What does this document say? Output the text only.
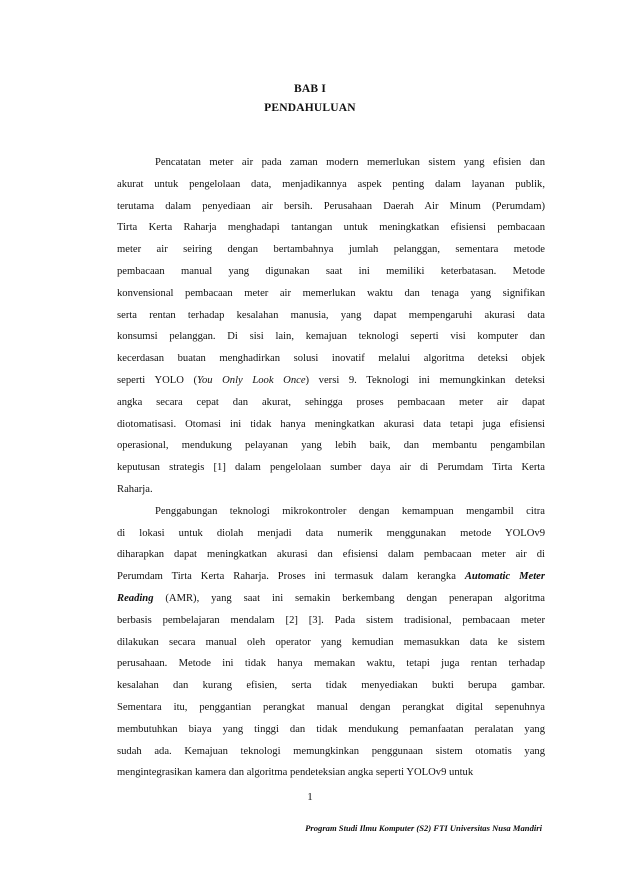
BAB I
PENDAHULUAN
Pencatatan meter air pada zaman modern memerlukan sistem yang efisien dan
akurat untuk pengelolaan data, menjadikannya aspek penting dalam layanan publik,
terutama dalam penyediaan air bersih. Perusahaan Daerah Air Minum (Perumdam)
Tirta Kerta Raharja menghadapi tantangan untuk meningkatkan efisiensi pembacaan
meter air seiring dengan bertambahnya jumlah pelanggan, sementara metode
pembacaan manual yang digunakan saat ini memiliki keterbatasan. Metode
konvensional pembacaan meter air memerlukan waktu dan tenaga yang signifikan
serta rentan terhadap kesalahan manusia, yang dapat mempengaruhi akurasi data
konsumsi pelanggan. Di sisi lain, kemajuan teknologi seperti visi komputer dan
kecerdasan buatan menghadirkan solusi inovatif melalui algoritma deteksi objek
seperti YOLO (You Only Look Once) versi 9. Teknologi ini memungkinkan deteksi
angka secara cepat dan akurat, sehingga proses pembacaan meter air dapat
diotomatisasi. Otomasi ini tidak hanya meningkatkan akurasi data tetapi juga efisiensi
operasional, mendukung pelayanan yang lebih baik, dan membantu pengambilan
keputusan strategis [1] dalam pengelolaan sumber daya air di Perumdam Tirta Kerta
Raharja.
Penggabungan teknologi mikrokontroler dengan kemampuan mengambil citra
di lokasi untuk diolah menjadi data numerik menggunakan metode YOLOv9
diharapkan dapat meningkatkan akurasi dan efisiensi dalam pembacaan meter air di
Perumdam Tirta Kerta Raharja. Proses ini termasuk dalam kerangka Automatic Meter
Reading (AMR), yang saat ini semakin berkembang dengan penerapan algoritma
berbasis pembelajaran mendalam [2] [3]. Pada sistem tradisional, pembacaan meter
dilakukan secara manual oleh operator yang kemudian memasukkan data ke sistem
perusahaan. Metode ini tidak hanya memakan waktu, tetapi juga rentan terhadap
kesalahan dan kurang efisien, serta tidak menyediakan bukti berupa gambar.
Sementara itu, penggantian perangkat manual dengan perangkat digital sepenuhnya
membutuhkan biaya yang tinggi dan tidak mendukung pemanfaatan peralatan yang
sudah ada. Kemajuan teknologi memungkinkan penggunaan sistem otomatis yang
mengintegrasikan kamera dan algoritma pendeteksian angka seperti YOLOv9 untuk
1
Program Studi Ilmu Komputer (S2) FTI Universitas Nusa Mandiri
